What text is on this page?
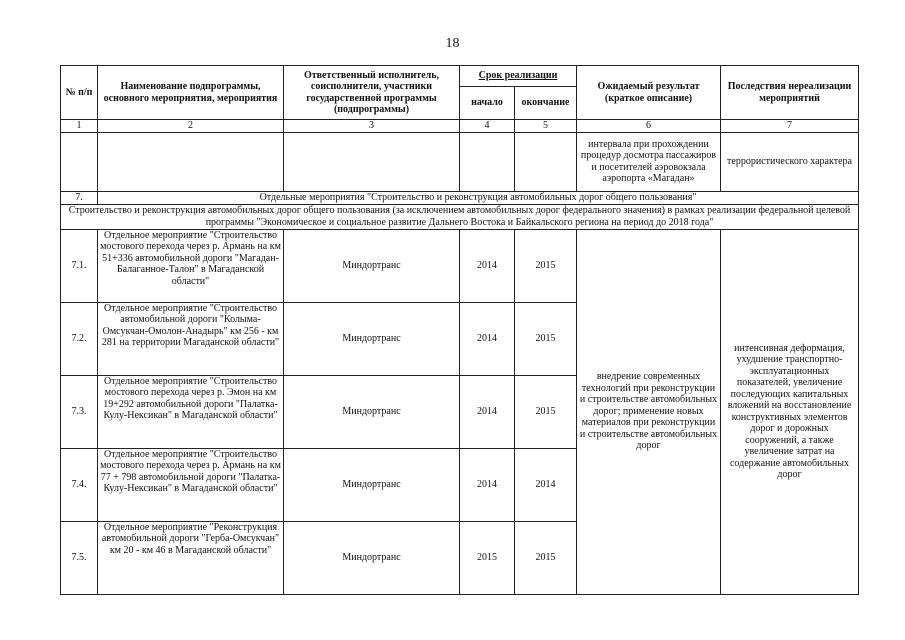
18
№ п/п	Наименование подпрограммы, основного мероприятия, мероприятия	Ответственный исполнитель, соисполнители, участники государственной программы (подпрограммы)	Срок реализации		Ожидаемый результат (краткое описание)	Последствия нереализации мероприятий
			начало	окончание		
1	2	3	4	5	6	7
					интервала при прохождении процедур досмотра пассажиров и посетителей аэровокзала аэропорта «Магадан»	террористического характера
7.	Отдельные мероприятия "Строительство и реконструкция автомобильных дорог общего пользования"					
Строительство и реконструкция автомобильных дорог общего пользования (за исключением автомобильных дорог федерального значения) в рамках реализации федеральной целевой программы "Экономическое и социальное развитие Дальнего Востока и Байкальского региона на период до 2018 года"						
7.1.	Отдельное мероприятие "Строительство мостового перехода через р. Армань на км 51+336 автомобильной дороги "Магадан-Балаганное-Талон" в Магаданской области"	Миндортранс	2014	2015	внедрение современных технологий при реконструкции и строительстве автомобильных дорог; применение новых материалов при реконструкции и строительстве автомобильных дорог	интенсивная деформация, ухудшение транспортно-эксплуатационных показателей, увеличение последующих капитальных вложений на восстановление конструктивных элементов дорог и дорожных сооружений, а также увеличение затрат на содержание автомобильных дорог
7.2.	Отдельное мероприятие "Строительство автомобильной дороги "Колыма-Омсукчан-Омолон-Анадырь" км 256 - км 281 на территории Магаданской области"	Миндортранс	2014	2015		
7.3.	Отдельное мероприятие "Строительство мостового перехода через р. Эмон на км 19+292 автомобильной дороги "Палатка-Кулу-Нексикан" в Магаданской области"	Миндортранс	2014	2015		
7.4.	Отдельное мероприятие "Строительство мостового перехода через р. Армань на км 77 + 798 автомобильной дороги "Палатка-Кулу-Нексикан" в Магаданской области"	Миндортранс	2014	2014		
7.5.	Отдельное мероприятие "Реконструкция автомобильной дороги "Герба-Омсукчан" км 20 - км 46 в Магаданской области"	Миндортранс	2015	2015		
